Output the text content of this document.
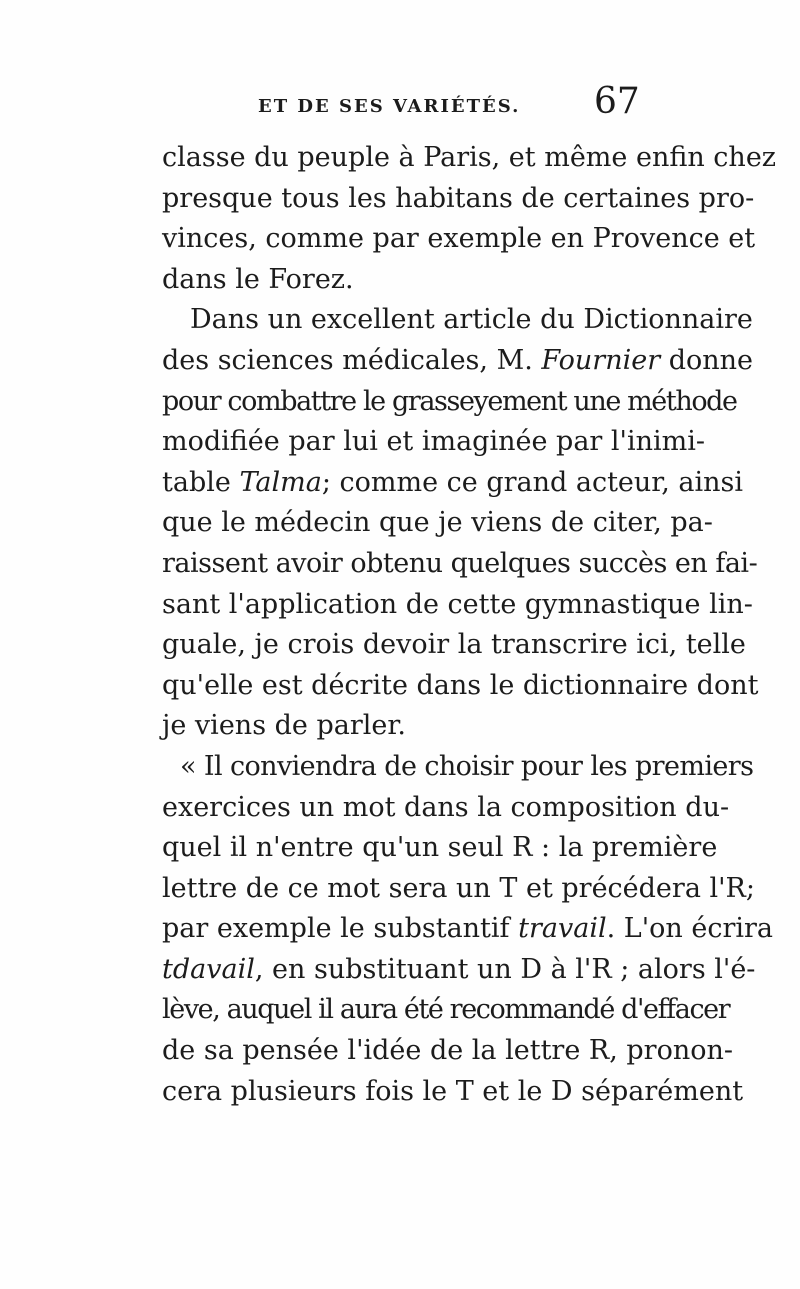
ET DE SES VARIÉTÉS. 67
classe du peuple à Paris, et même enfin chez
presque tous les habitans de certaines pro-
vinces, comme par exemple en Provence et
dans le Forez.
Dans un excellent article du Dictionnaire
des sciences médicales, M. Fournier donne
pour combattre le grasseyement une méthode
modifiée par lui et imaginée par l'inimi-
table Talma; comme ce grand acteur, ainsi
que le médecin que je viens de citer, pa-
raissent avoir obtenu quelques succès en fai-
sant l'application de cette gymnastique lin-
guale, je crois devoir la transcrire ici, telle
qu'elle est décrite dans le dictionnaire dont
je viens de parler.
« Il conviendra de choisir pour les premiers
exercices un mot dans la composition du-
quel il n'entre qu'un seul R : la première
lettre de ce mot sera un T et précédera l'R;
par exemple le substantif travail. L'on écrira
tdavail, en substituant un D à l'R ; alors l'é-
lève, auquel il aura été recommandé d'effacer
de sa pensée l'idée de la lettre R, pronon-
cera plusieurs fois le T et le D séparément
